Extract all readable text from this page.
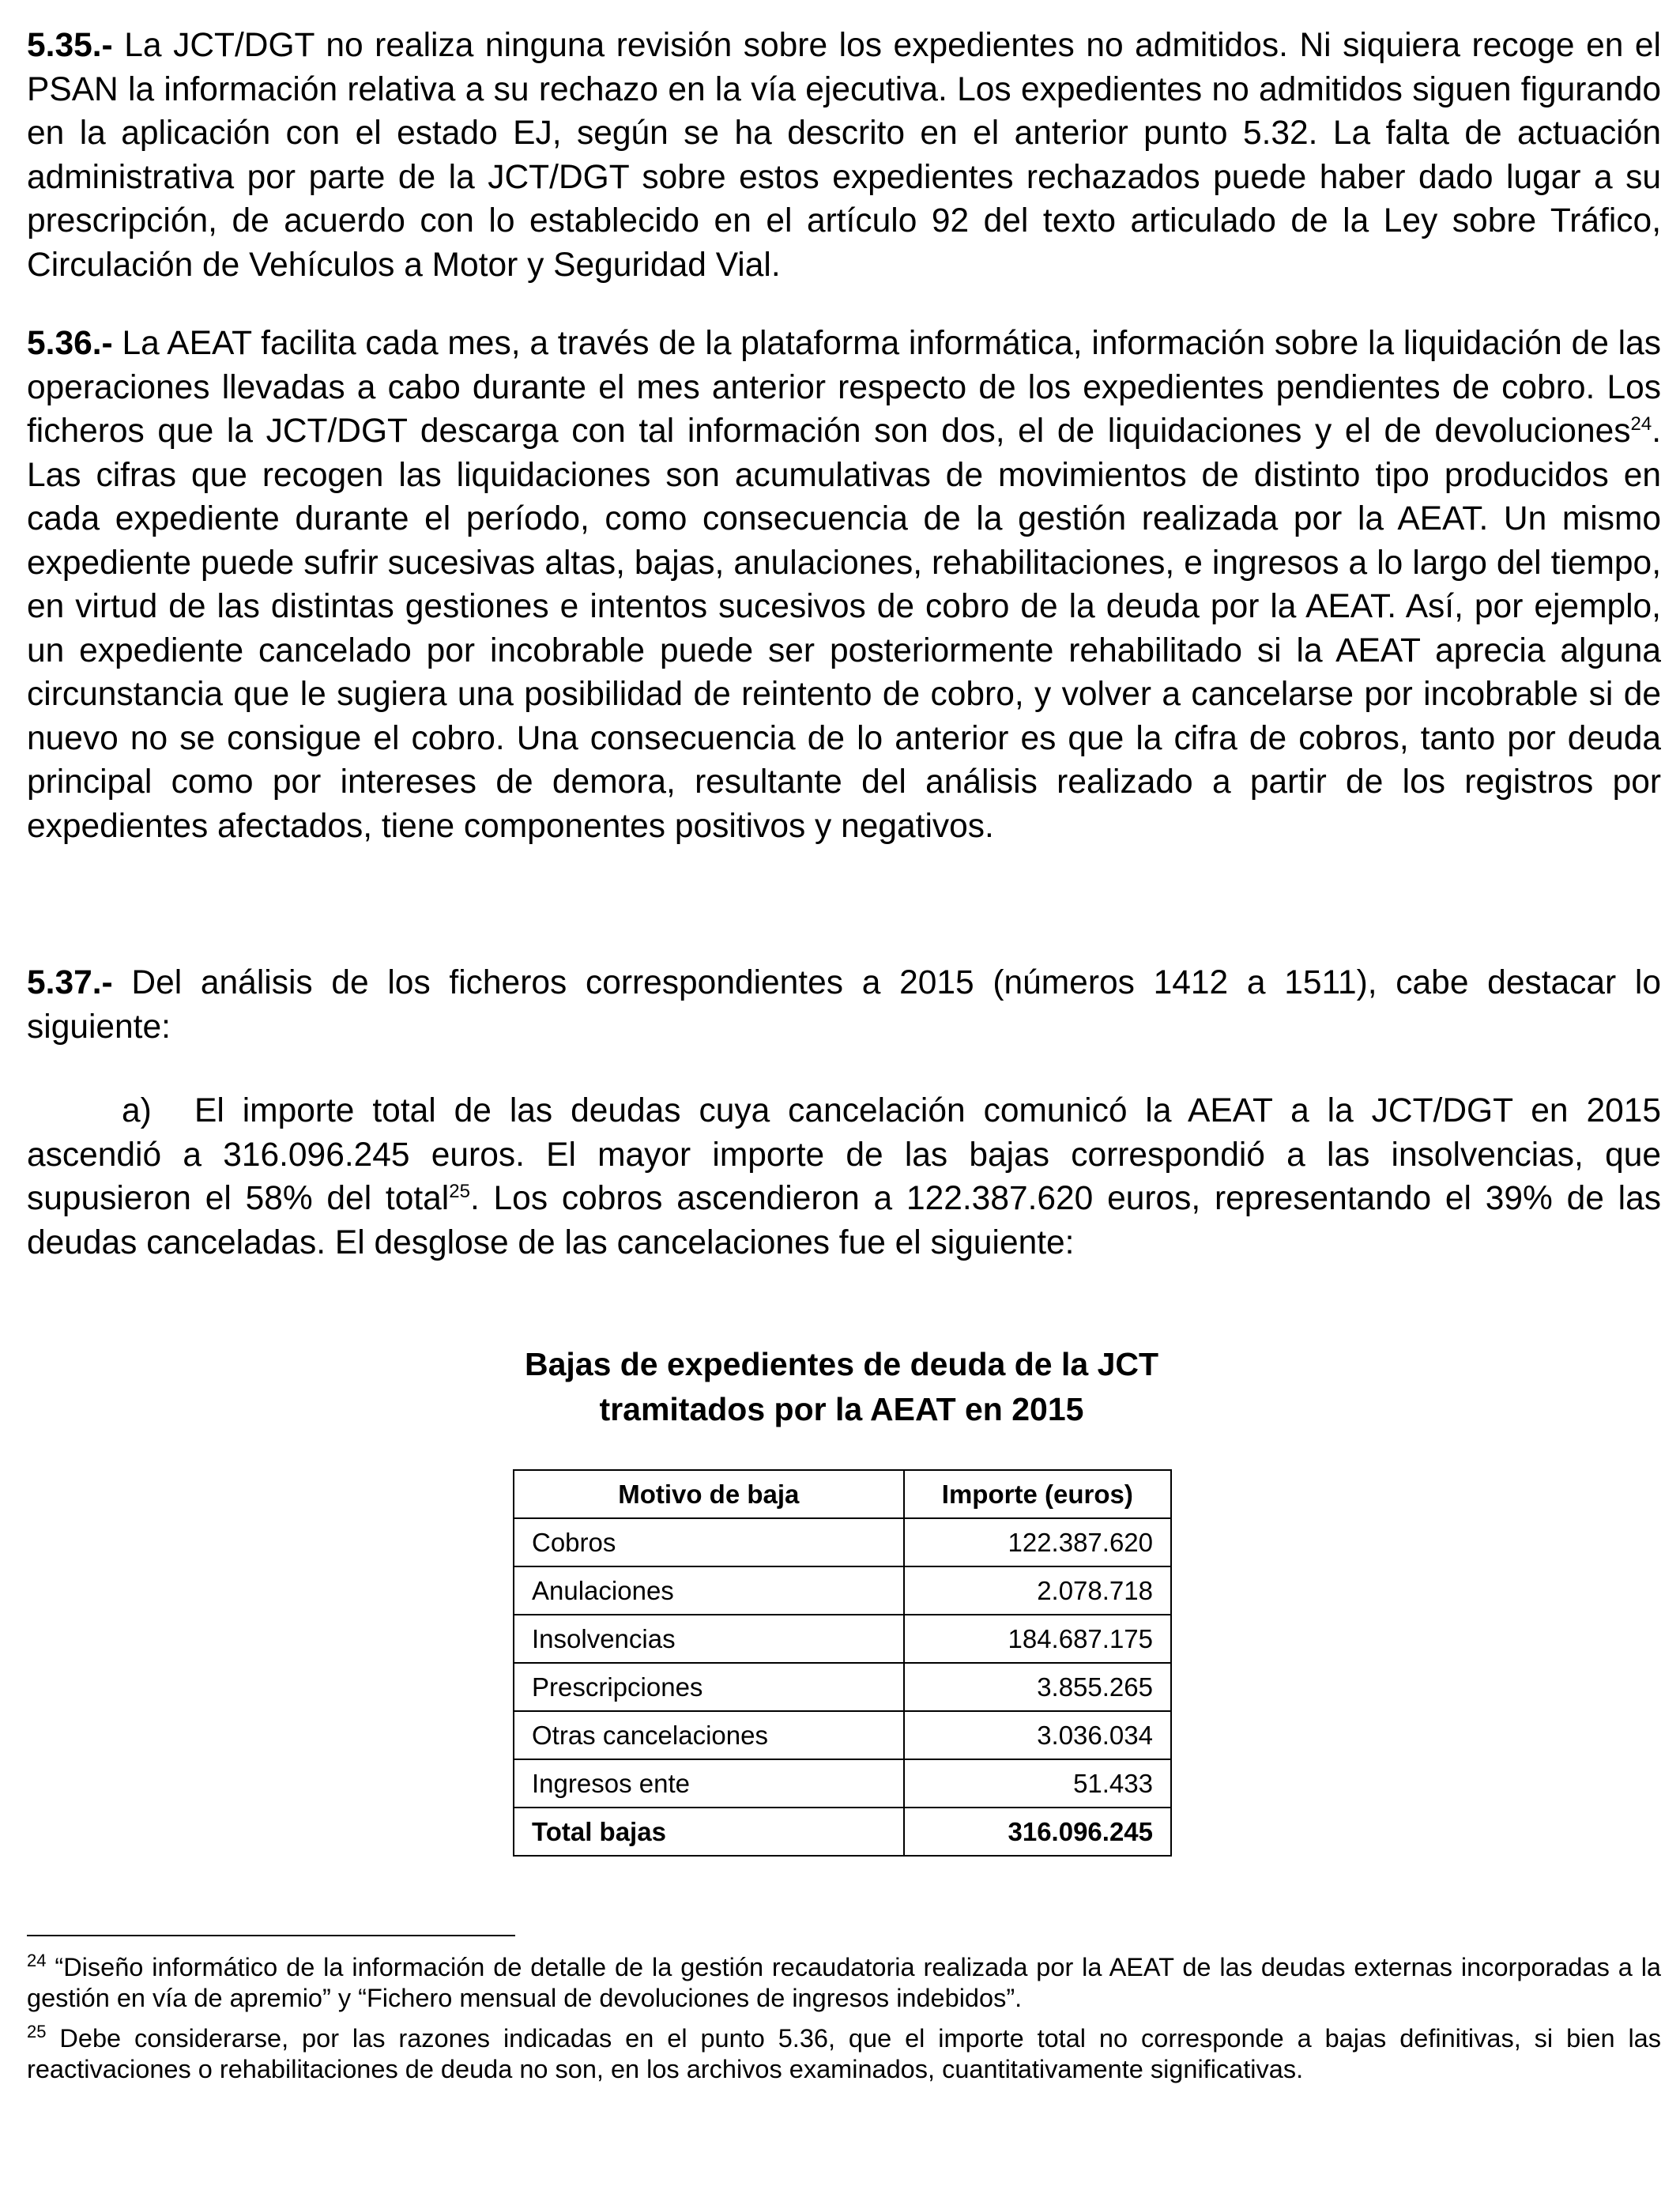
5.35.- La JCT/DGT no realiza ninguna revisión sobre los expedientes no admitidos. Ni siquiera recoge en el PSAN la información relativa a su rechazo en la vía ejecutiva. Los expedientes no admitidos siguen figurando en la aplicación con el estado EJ, según se ha descrito en el anterior punto 5.32. La falta de actuación administrativa por parte de la JCT/DGT sobre estos expedientes rechazados puede haber dado lugar a su prescripción, de acuerdo con lo establecido en el artículo 92 del texto articulado de la Ley sobre Tráfico, Circulación de Vehículos a Motor y Seguridad Vial.

5.36.- La AEAT facilita cada mes, a través de la plataforma informática, información sobre la liquidación de las operaciones llevadas a cabo durante el mes anterior respecto de los expedientes pendientes de cobro. Los ficheros que la JCT/DGT descarga con tal información son dos, el de liquidaciones y el de devoluciones$^{24}$. Las cifras que recogen las liquidaciones son acumulativas de movimientos de distinto tipo producidos en cada expediente durante el período, como consecuencia de la gestión realizada por la AEAT. Un mismo expediente puede sufrir sucesivas altas, bajas, anulaciones, rehabilitaciones, e ingresos a lo largo del tiempo, en virtud de las distintas gestiones e intentos sucesivos de cobro de la deuda por la AEAT. Así, por ejemplo, un expediente cancelado por incobrable puede ser posteriormente rehabilitado si la AEAT aprecia alguna circunstancia que le sugiera una posibilidad de reintento de cobro, y volver a cancelarse por incobrable si de nuevo no se consigue el cobro. Una consecuencia de lo anterior es que la cifra de cobros, tanto por deuda principal como por intereses de demora, resultante del análisis realizado a partir de los registros por expedientes afectados, tiene componentes positivos y negativos.

5.37.- Del análisis de los ficheros correspondientes a 2015 (números 1412 a 1511), cabe destacar lo siguiente:

a) El importe total de las deudas cuya cancelación comunicó la AEAT a la JCT/DGT en 2015 ascendió a 316.096.245 euros. El mayor importe de las bajas correspondió a las insolvencias, que supusieron el 58% del total$^{25}$. Los cobros ascendieron a 122.387.620 euros, representando el 39% de las deudas canceladas. El desglose de las cancelaciones fue el siguiente:

Bajas de expedientes de deuda de la JCT
tramitados por la AEAT en 2015

Motivo de baja	Importe (euros)
Cobros	122.387.620
Anulaciones	2.078.718
Insolvencias	184.687.175
Prescripciones	3.855.265
Otras cancelaciones	3.036.034
Ingresos ente	51.433
Total bajas	316.096.245

$^{24}$ “Diseño informático de la información de detalle de la gestión recaudatoria realizada por la AEAT de las deudas externas incorporadas a la gestión en vía de apremio” y “Fichero mensual de devoluciones de ingresos indebidos”.

$^{25}$ Debe considerarse, por las razones indicadas en el punto 5.36, que el importe total no corresponde a bajas definitivas, si bien las reactivaciones o rehabilitaciones de deuda no son, en los archivos examinados, cuantitativamente significativas.
